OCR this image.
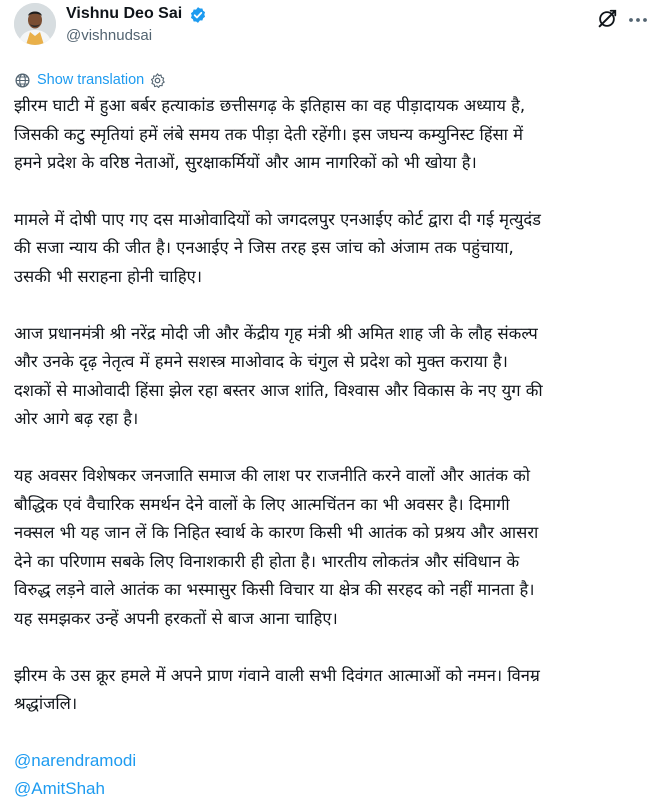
Vishnu Deo Sai
@vishnudsai
Show translation
झीरम घाटी में हुआ बर्बर हत्याकांड छत्तीसगढ़ के इतिहास का वह पीड़ादायक अध्याय है,
जिसकी कटु स्मृतियां हमें लंबे समय तक पीड़ा देती रहेंगी। इस जघन्य कम्युनिस्ट हिंसा में
हमने प्रदेश के वरिष्ठ नेताओं, सुरक्षाकर्मियों और आम नागरिकों को भी खोया है।
मामले में दोषी पाए गए दस माओवादियों को जगदलपुर एनआईए कोर्ट द्वारा दी गई मृत्युदंड
की सजा न्याय की जीत है। एनआईए ने जिस तरह इस जांच को अंजाम तक पहुंचाया,
उसकी भी सराहना होनी चाहिए।
आज प्रधानमंत्री श्री नरेंद्र मोदी जी और केंद्रीय गृह मंत्री श्री अमित शाह जी के लौह संकल्प
और उनके दृढ़ नेतृत्व में हमने सशस्त्र माओवाद के चंगुल से प्रदेश को मुक्त कराया है।
दशकों से माओवादी हिंसा झेल रहा बस्तर आज शांति, विश्वास और विकास के नए युग की
ओर आगे बढ़ रहा है।
यह अवसर विशेषकर जनजाति समाज की लाश पर राजनीति करने वालों और आतंक को
बौद्धिक एवं वैचारिक समर्थन देने वालों के लिए आत्मचिंतन का भी अवसर है। दिमागी
नक्सल भी यह जान लें कि निहित स्वार्थ के कारण किसी भी आतंक को प्रश्रय और आसरा
देने का परिणाम सबके लिए विनाशकारी ही होता है। भारतीय लोकतंत्र और संविधान के
विरुद्ध लड़ने वाले आतंक का भस्मासुर किसी विचार या क्षेत्र की सरहद को नहीं मानता है।
यह समझकर उन्हें अपनी हरकतों से बाज आना चाहिए।
झीरम के उस क्रूर हमले में अपने प्राण गंवाने वाली सभी दिवंगत आत्माओं को नमन। विनम्र
श्रद्धांजलि।
@narendramodi
@AmitShah
